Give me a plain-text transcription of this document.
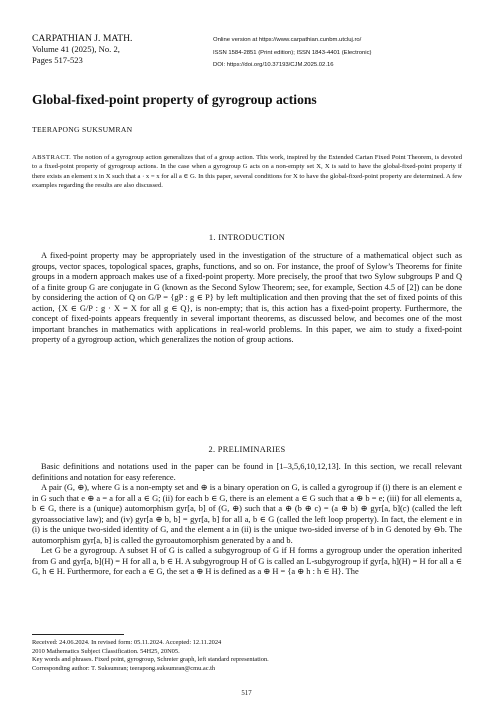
CARPATHIAN J. MATH.
Volume 41 (2025), No. 2,
Pages 517-523
Online version at https://www.carpathian.cunbm.utcluj.ro/
ISSN 1584-2851 (Print edition); ISSN 1843-4401 (Electronic)
DOI: https://doi.org/10.37193/CJM.2025.02.16
Global-fixed-point property of gyrogroup actions
TEERAPONG SUKSUMRAN
ABSTRACT. The notion of a gyrogroup action generalizes that of a group action. This work, inspired by the Extended Cartan Fixed Point Theorem, is devoted to a fixed-point property of gyrogroup actions. In the case when a gyrogroup G acts on a non-empty set X, X is said to have the global-fixed-point property if there exists an element x in X such that a · x = x for all a ∈ G. In this paper, several conditions for X to have the global-fixed-point property are determined. A few examples regarding the results are also discussed.
1. INTRODUCTION

A fixed-point property may be appropriately used in the investigation of the structure of a mathematical object such as groups, vector spaces, topological spaces, graphs, functions, and so on. For instance, the proof of Sylow’s Theorems for finite groups in a modern approach makes use of a fixed-point property. More precisely, the proof that two Sylow subgroups P and Q of a finite group G are conjugate in G (known as the Second Sylow Theorem; see, for example, Section 4.5 of [2]) can be done by considering the action of Q on G/P = {gP : g ∈ P} by left multiplication and then proving that the set of fixed points of this action, {X ∈ G/P : g · X = X for all g ∈ Q}, is non-empty; that is, this action has a fixed-point property. Furthermore, the concept of fixed-points appears frequently in several important theorems, as discussed below, and becomes one of the most important branches in mathematics with applications in real-world problems. In this paper, we aim to study a fixed-point property of a gyrogroup action, which generalizes the notion of group actions.

2. PRELIMINARIES

Basic definitions and notations used in the paper can be found in [1–3,5,6,10,12,13]. In this section, we recall relevant definitions and notation for easy reference.

A pair (G, ⊕), where G is a non-empty set and ⊕ is a binary operation on G, is called a gyrogroup if (i) there is an element e in G such that e ⊕ a = a for all a ∈ G; (ii) for each b ∈ G, there is an element a ∈ G such that a ⊕ b = e; (iii) for all elements a, b ∈ G, there is a (unique) automorphism gyr[a, b] of (G, ⊕) such that a ⊕ (b ⊕ c) = (a ⊕ b) ⊕ gyr[a, b](c) (called the left gyroassociative law); and (iv) gyr[a ⊕ b, b] = gyr[a, b] for all a, b ∈ G (called the left loop property). In fact, the element e in (i) is the unique two-sided identity of G, and the element a in (ii) is the unique two-sided inverse of b in G denoted by ⊖b. The automorphism gyr[a, b] is called the gyroautomorphism generated by a and b.

Let G be a gyrogroup. A subset H of G is called a subgyrogroup of G if H forms a gyrogroup under the operation inherited from G and gyr[a, b](H) = H for all a, b ∈ H. A subgyrogroup H of G is called an L-subgyrogroup if gyr[a, h](H) = H for all a ∈ G, h ∈ H. Furthermore, for each a ∈ G, the set a ⊕ H is defined as a ⊕ H = {a ⊕ h : h ∈ H}. The

Received: 24.06.2024. In revised form: 05.11.2024. Accepted: 12.11.2024
2010 Mathematics Subject Classification. 54H25, 20N05.
Key words and phrases. Fixed point, gyrogroup, Schreier graph, left standard representation.
Corresponding author: T. Suksumran; teerapong.suksumran@cmu.ac.th
517
